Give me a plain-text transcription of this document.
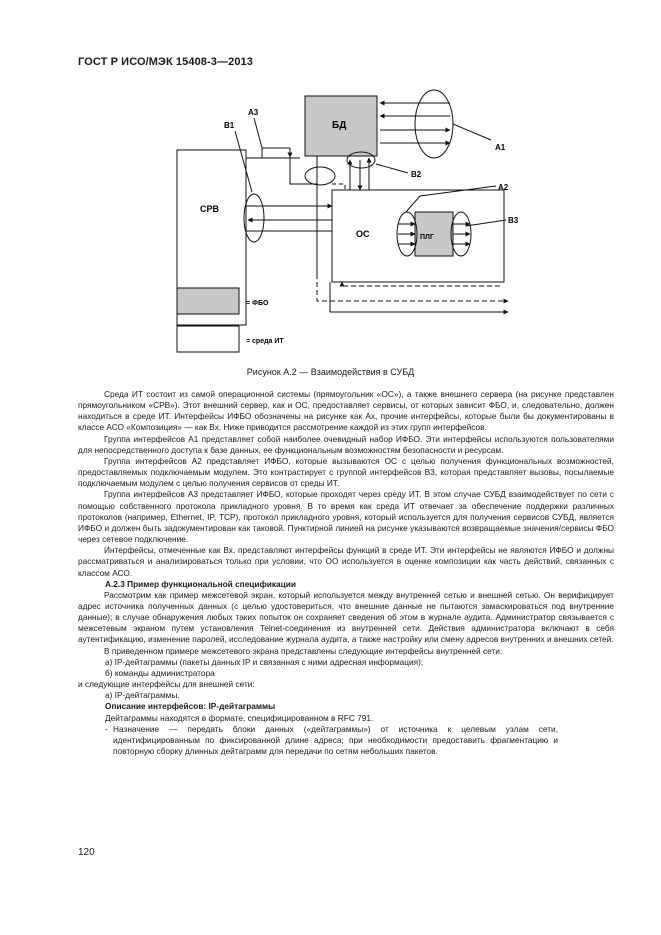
ГОСТ Р ИСО/МЭК 15408-3—2013
СРВ
ОС
БД
ПЛГ
А1
А3
В1
В2
А2
В3
= ФБО
= среда ИТ
Рисунок А.2 — Взаимодействия в СУБД

Среда ИТ состоит из самой операционной системы (прямоугольник «ОС»), а также внешнего сервера (на рисунке представлен прямоугольником «СРВ»). Этот внешний сервер, как и ОС, предоставляет сервисы, от которых зависит ФБО, и, следовательно, должен находиться в среде ИТ. Интерфейсы ИФБО обозначены на рисунке как Ах, прочие интерфейсы, которые были бы документированы в классе АСО «Композиция» — как Вх. Ниже приводится рассмотрение каждой из этих групп интерфейсов.

Группа интерфейсов А1 представляет собой наиболее очевидный набор ИФБО. Эти интерфейсы используются пользователями для непосредственного доступа к базе данных, ее функциональным возможностям безопасности и ресурсам.

Группа интерфейсов А2 представляет ИФБО, которые вызываются ОС с целью получения функциональных возможностей, предоставляемых подключаемым модулем. Это контрастирует с группой интерфейсов В3, которая представляет вызовы, посылаемые подключаемым модулем с целью получения сервисов от среды ИТ.

Группа интерфейсов А3 представляет ИФБО, которые проходят через среду ИТ. В этом случае СУБД взаимодействует по сети с помощью собственного протокола прикладного уровня. В то время как среда ИТ отвечает за обеспечение поддержки различных протоколов (например, Ethernet, IP, TCP), протокол прикладного уровня, который используется для получения сервисов СУБД, является ИФБО и должен быть задокументирован как таковой. Пунктирной линией на рисунке указываются возвращаемые значения/сервисы ФБО через сетевое подключение.

Интерфейсы, отмеченные как Вх, представляют интерфейсы функций в среде ИТ. Эти интерфейсы не являются ИФБО и должны рассматриваться и анализироваться только при условии, что ОО используется в оценке композиции как часть действий, связанных с классом АСО.

А.2.3 Пример функциональной спецификации

Рассмотрим как пример межсетевой экран, который используется между внутренней сетью и внешней сетью. Он верифицирует адрес источника полученных данных (с целью удостовериться, что внешние данные не пытаются замаскироваться под внутренние данные); в случае обнаружения любых таких попыток он сохраняет сведения об этом в журнале аудита. Администратор связывается с межсетевым экраном путем установления Telnet-соединения из внутренней сети. Действия администратора включают в себя аутентификацию, изменение паролей, исследование журнала аудита, а также настройку или смену адресов внутренних и внешних сетей.

В приведенном примере межсетевого экрана представлены следующие интерфейсы внутренней сети:

а) IP-дейтаграммы (пакеты данных IP и связанная с ними адресная информация);

б) команды администратора

и следующие интерфейсы для внешней сети:

а) IP-дейтаграммы.

Описание интерфейсов: IP-дейтаграммы

Дейтаграммы находятся в формате, специфицированном в RFC 791.

- Назначение — передать блоки данных («дейтаграммы») от источника к целевым узлам сети, идентифицированным по фиксированной длине адреса; при необходимости предоставить фрагментацию и повторную сборку длинных дейтаграмм для передачи по сетям небольших пакетов.
120
